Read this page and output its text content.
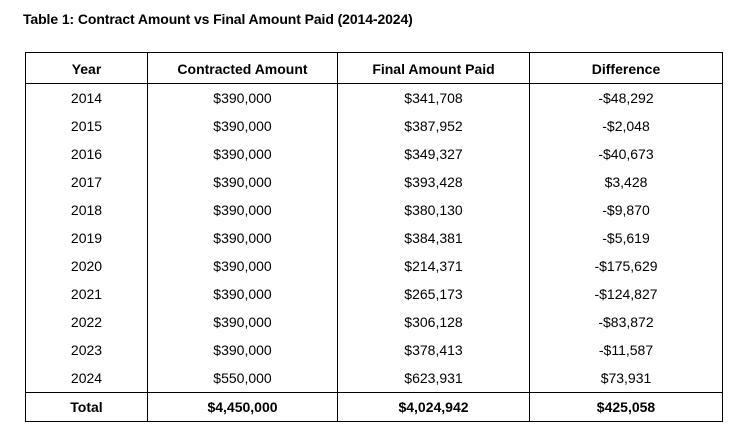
Table 1: Contract Amount vs Final Amount Paid (2014-2024)
Year	Contracted Amount	Final Amount Paid	Difference
2014	$390,000	$341,708	-$48,292
2015	$390,000	$387,952	-$2,048
2016	$390,000	$349,327	-$40,673
2017	$390,000	$393,428	$3,428
2018	$390,000	$380,130	-$9,870
2019	$390,000	$384,381	-$5,619
2020	$390,000	$214,371	-$175,629
2021	$390,000	$265,173	-$124,827
2022	$390,000	$306,128	-$83,872
2023	$390,000	$378,413	-$11,587
2024	$550,000	$623,931	$73,931
Total	$4,450,000	$4,024,942	$425,058
